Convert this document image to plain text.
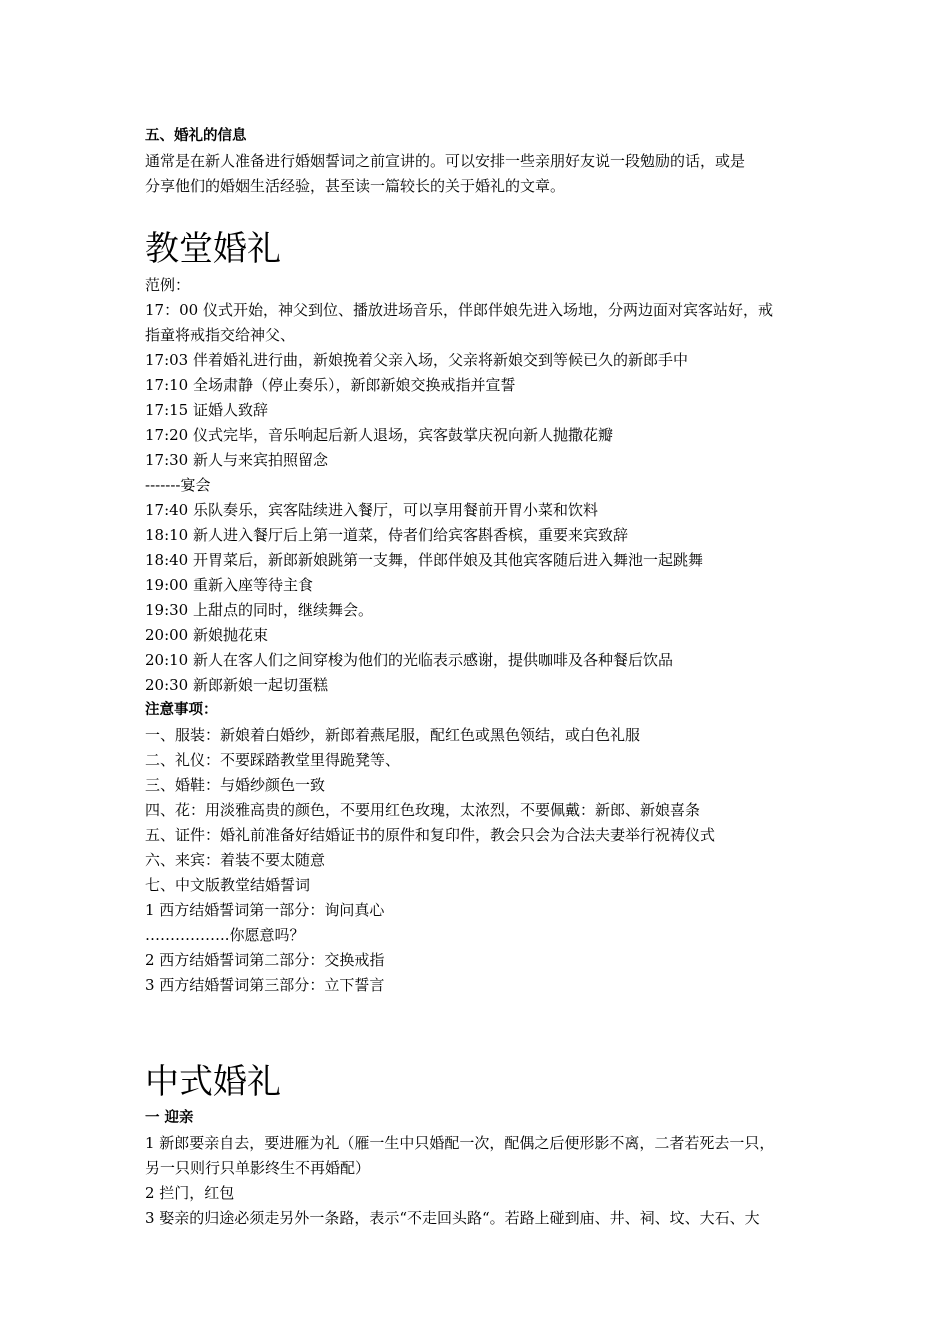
五、婚礼的信息
通常是在新人准备进行婚姻誓词之前宣讲的。可以安排一些亲朋好友说一段勉励的话，或是
分享他们的婚姻生活经验，甚至读一篇较长的关于婚礼的文章。
教堂婚礼
范例：
17：00 仪式开始，神父到位、播放进场音乐，伴郎伴娘先进入场地，分两边面对宾客站好，戒
指童将戒指交给神父、
17:03 伴着婚礼进行曲，新娘挽着父亲入场，父亲将新娘交到等候已久的新郎手中
17:10 全场肃静（停止奏乐），新郎新娘交换戒指并宣誓
17:15 证婚人致辞
17:20 仪式完毕，音乐响起后新人退场，宾客鼓掌庆祝向新人抛撒花瓣
17:30 新人与来宾拍照留念
-------宴会
17:40 乐队奏乐，宾客陆续进入餐厅，可以享用餐前开胃小菜和饮料
18:10 新人进入餐厅后上第一道菜，侍者们给宾客斟香槟，重要来宾致辞
18:40 开胃菜后，新郎新娘跳第一支舞，伴郎伴娘及其他宾客随后进入舞池一起跳舞
19:00 重新入座等待主食
19:30 上甜点的同时，继续舞会。
20:00 新娘抛花束
20:10 新人在客人们之间穿梭为他们的光临表示感谢，提供咖啡及各种餐后饮品
20:30 新郎新娘一起切蛋糕
注意事项：
一、服装：新娘着白婚纱，新郎着燕尾服，配红色或黑色领结，或白色礼服
二、礼仪：不要踩踏教堂里得跪凳等、
三、婚鞋：与婚纱颜色一致
四、花：用淡雅高贵的颜色，不要用红色玫瑰，太浓烈，不要佩戴：新郎、新娘喜条
五、证件：婚礼前准备好结婚证书的原件和复印件，教会只会为合法夫妻举行祝祷仪式
六、来宾：着装不要太随意
七、中文版教堂结婚誓词
1 西方结婚誓词第一部分：询问真心
……………..你愿意吗？
2 西方结婚誓词第二部分：交换戒指
3 西方结婚誓词第三部分：立下誓言
中式婚礼
一 迎亲
1 新郎要亲自去，要进雁为礼（雁一生中只婚配一次，配偶之后便形影不离，二者若死去一只，
另一只则行只单影终生不再婚配）
2 拦门，红包
3 娶亲的归途必须走另外一条路，表示“不走回头路“。若路上碰到庙、井、祠、坟、大石、大
